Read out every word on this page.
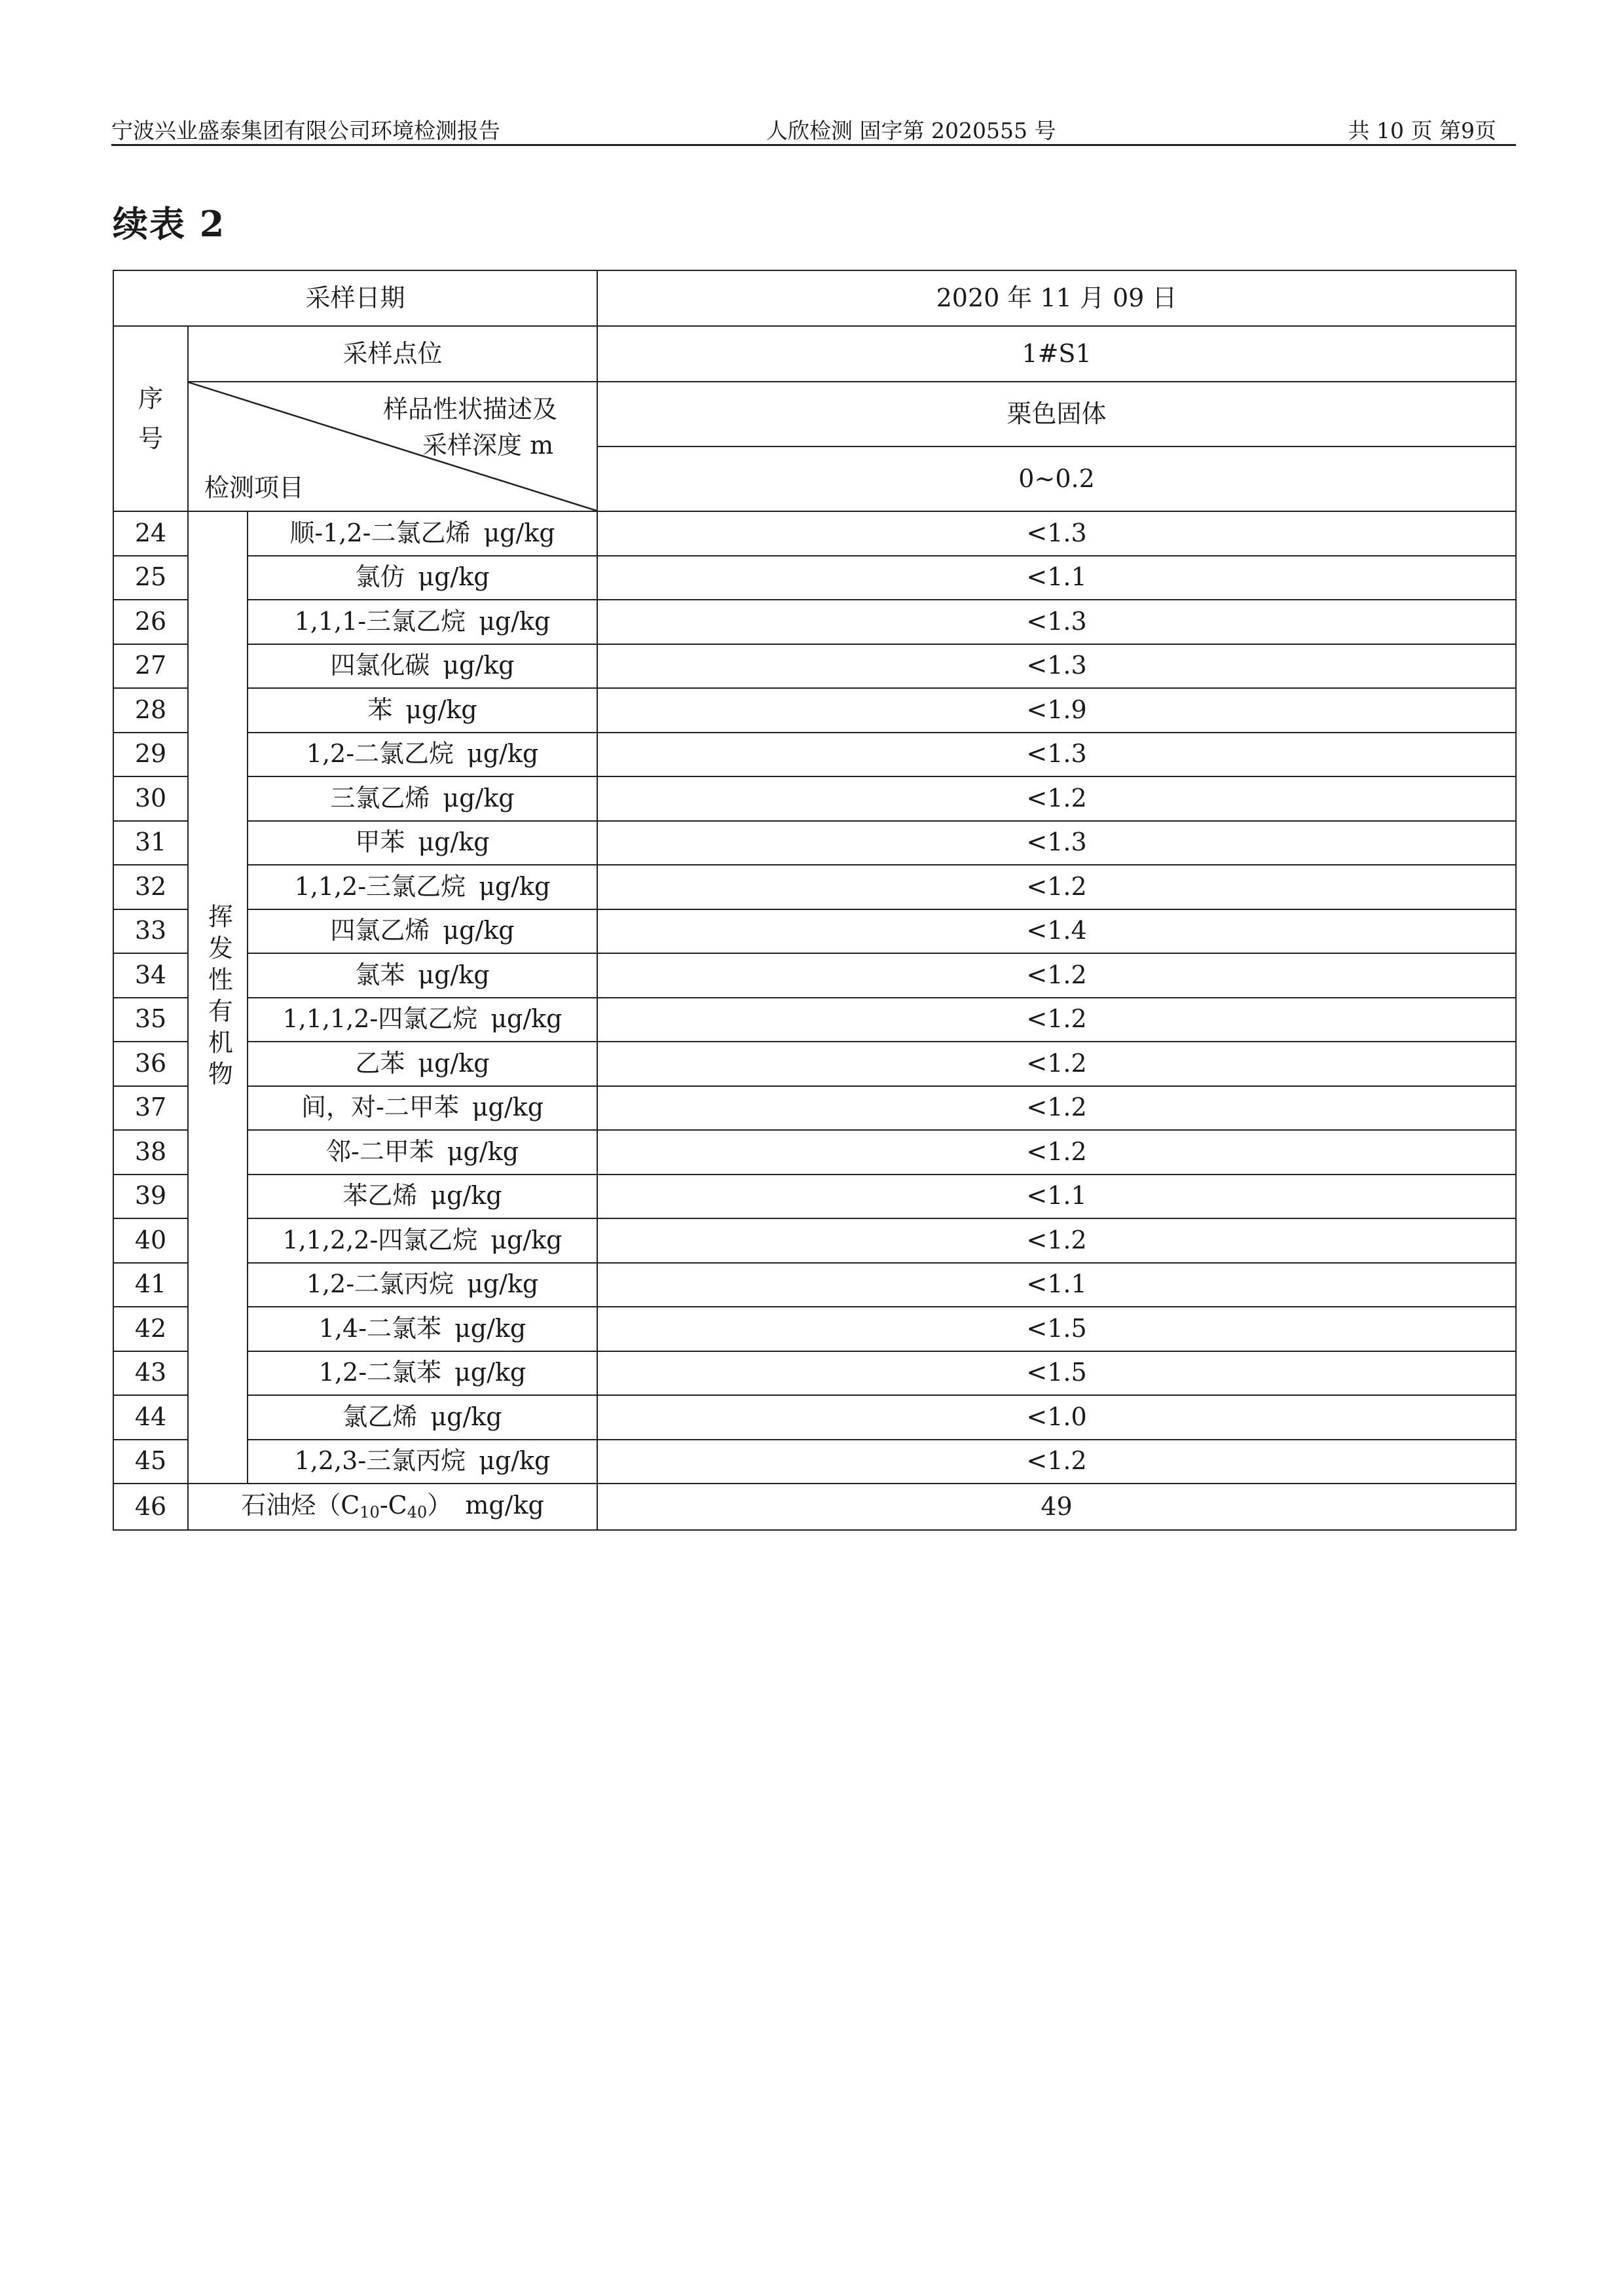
宁波兴业盛泰集团有限公司环境检测报告	人欣检测 固字第 2020555 号	共 10 页 第9页
续表 2
采样日期			2020 年 11 月 09 日

序
号	采样点位		1#S1

	样品性状描述及
采样深度 m
检测项目		栗色固体
			0~0.2
24	挥发性有机物	顺-1,2-二氯乙烯 μg/kg	<1.3
25		氯仿 μg/kg	<1.1
26		1,1,1-三氯乙烷 μg/kg	<1.3
27		四氯化碳 μg/kg	<1.3
28		苯 μg/kg	<1.9
29		1,2-二氯乙烷 μg/kg	<1.3
30		三氯乙烯 μg/kg	<1.2
31		甲苯 μg/kg	<1.3
32		1,1,2-三氯乙烷 μg/kg	<1.2
33		四氯乙烯 μg/kg	<1.4
34		氯苯 μg/kg	<1.2
35		1,1,1,2-四氯乙烷 μg/kg	<1.2
36		乙苯 μg/kg	<1.2
37		间，对-二甲苯 μg/kg	<1.2
38		邻-二甲苯 μg/kg	<1.2
39		苯乙烯 μg/kg	<1.1
40		1,1,2,2-四氯乙烷 μg/kg	<1.2
41		1,2-二氯丙烷 μg/kg	<1.1
42		1,4-二氯苯 μg/kg	<1.5
43		1,2-二氯苯 μg/kg	<1.5
44		氯乙烯 μg/kg	<1.0
45		1,2,3-三氯丙烷 μg/kg	<1.2
46	石油烃$(C_{10}-C_{40})$ mg/kg		49
